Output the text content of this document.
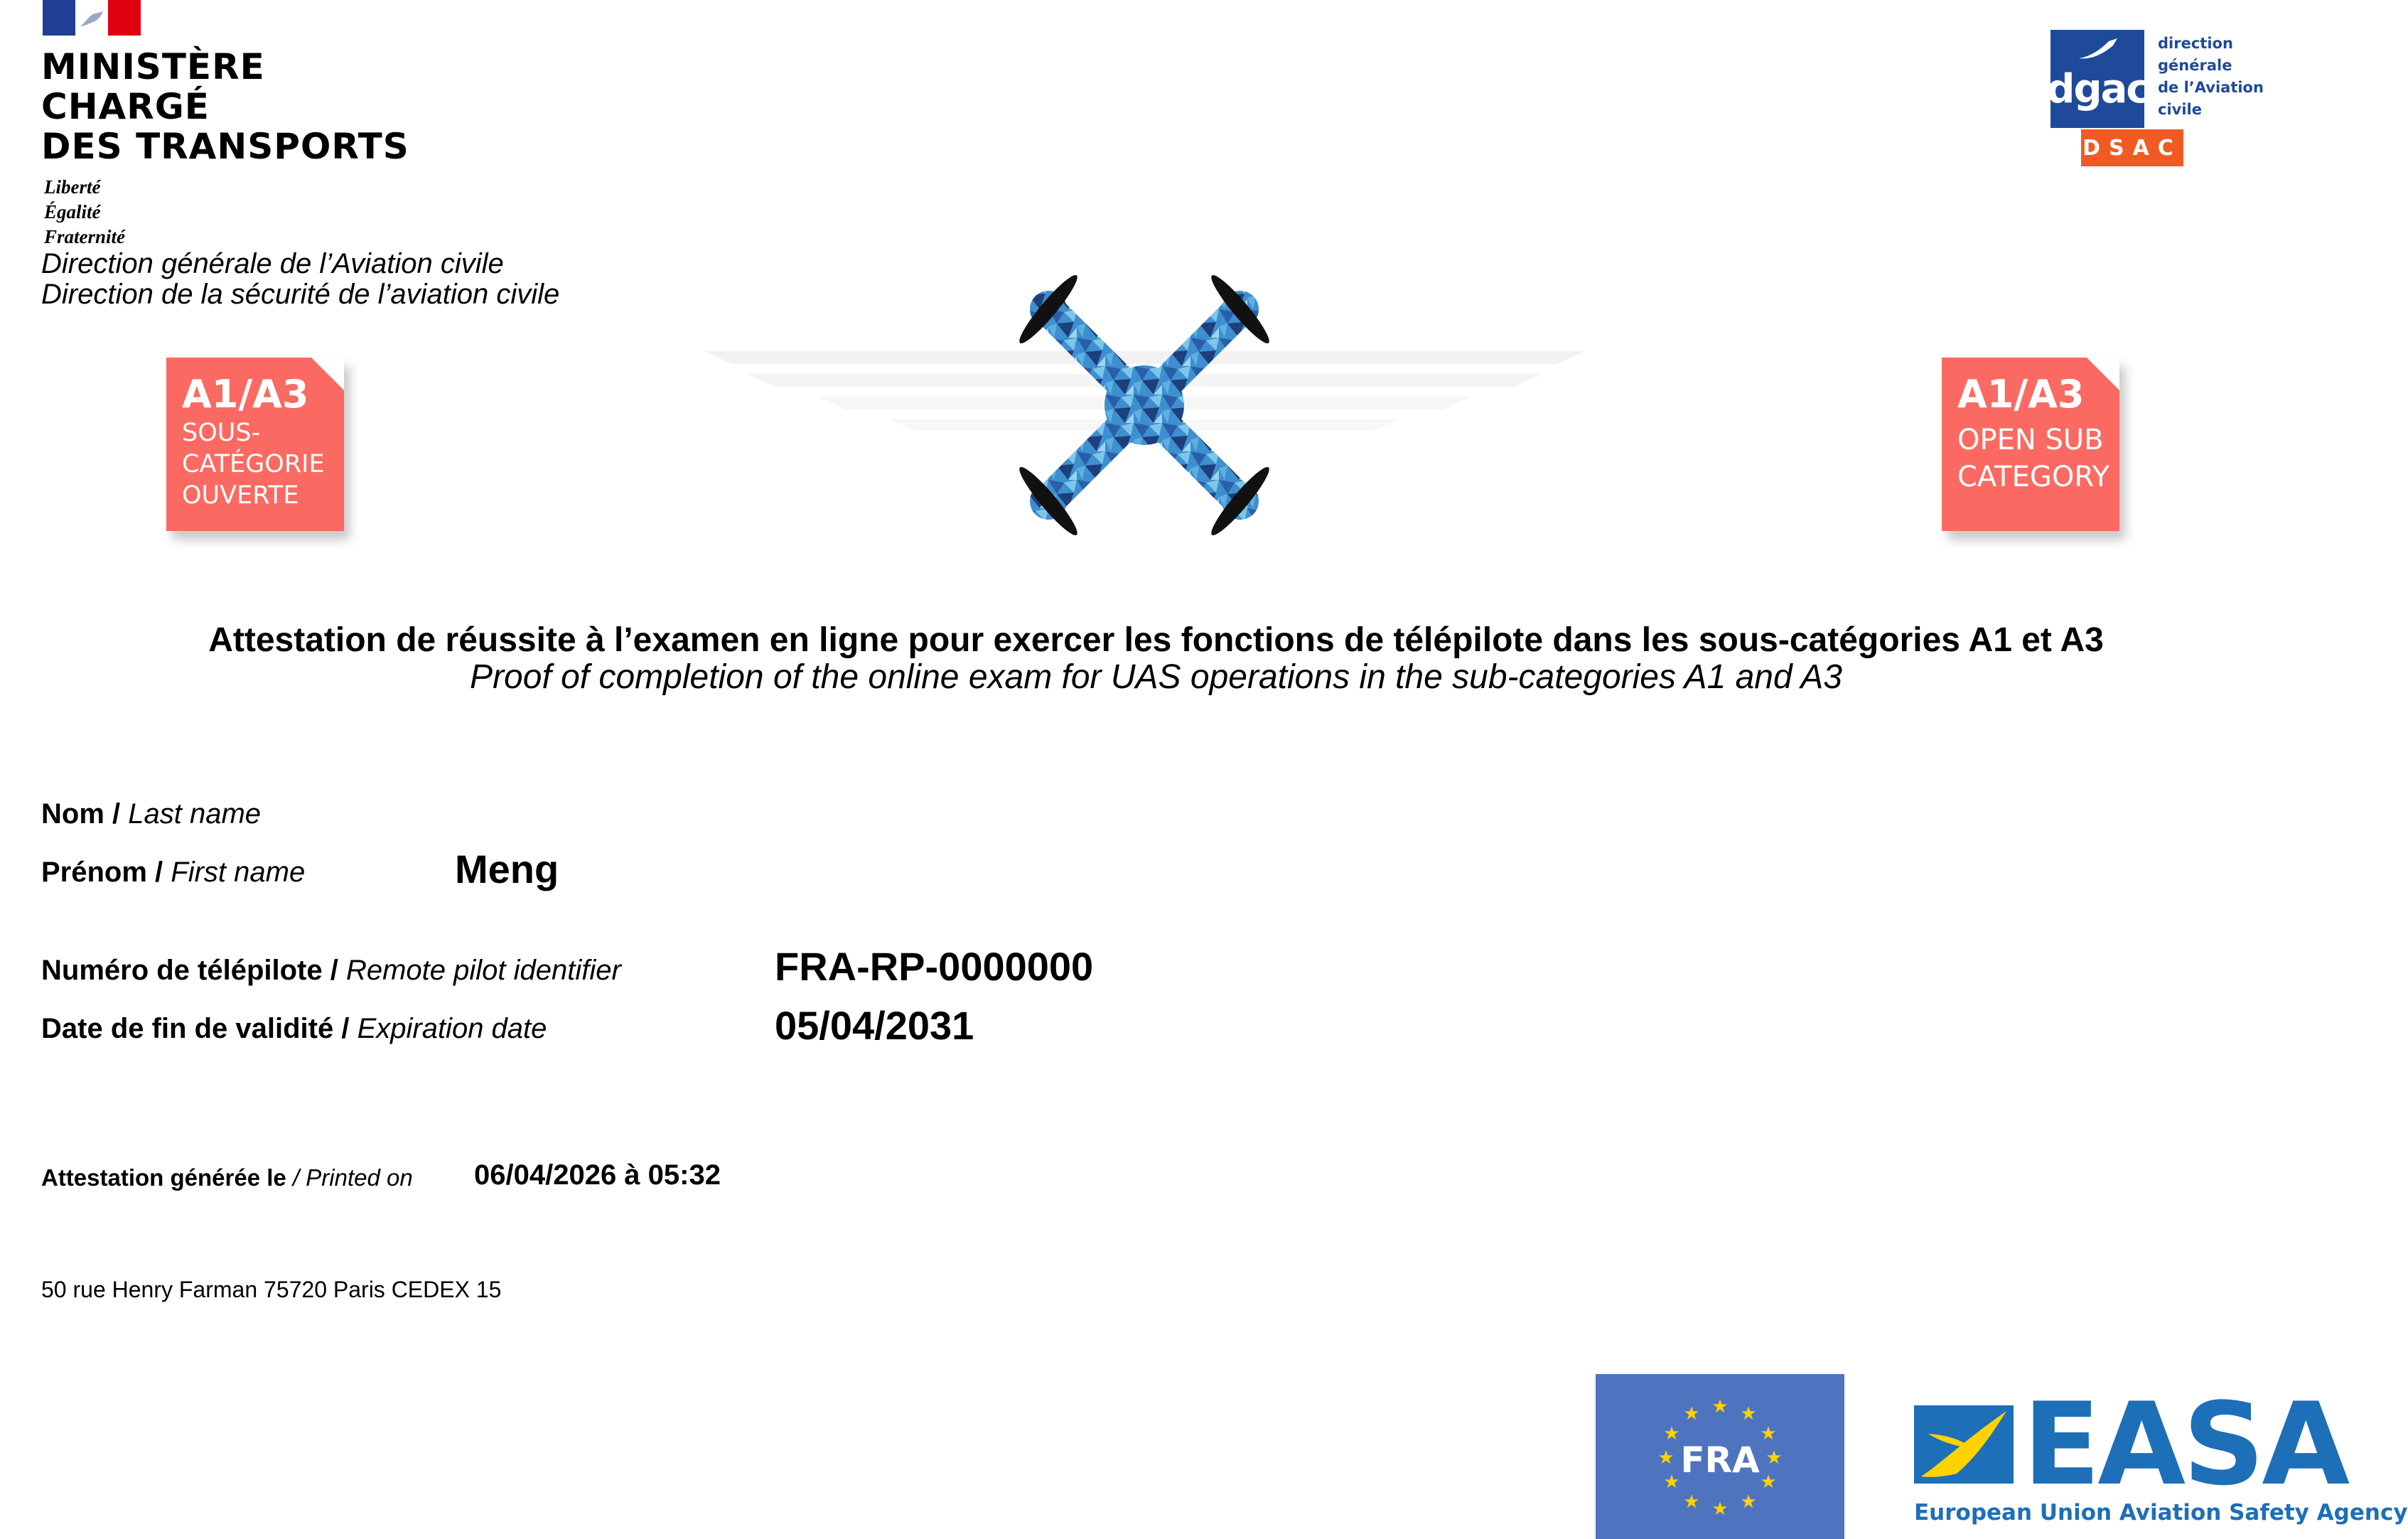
MINISTÈRE
CHARGÉ
DES TRANSPORTS
Liberté
Égalité
Fraternité
Direction générale de l’Aviation civile
Direction de la sécurité de l’aviation civile
dgac
direction
générale
de l’Aviation
civile
DSAC
A1/A3
SOUS-
CATÉGORIE
OUVERTE
A1/A3
OPEN SUB
CATEGORY
Attestation de réussite à l’examen en ligne pour exercer les fonctions de télépilote dans les sous-catégories A1 et A3
Proof of completion of the online exam for UAS operations in the sub-categories A1 and A3
Nom / Last name
Prénom / First name	Meng
Numéro de télépilote / Remote pilot identifier	FRA-RP-0000000
Date de fin de validité / Expiration date	05/04/2031
Attestation générée le / Printed on 06/04/2026 à 05:32
50 rue Henry Farman 75720 Paris CEDEX 15
★ ★
★
★
★
★
★
★
★
★
★
★
FRA	EASA
European Union Aviation Safety Agency
